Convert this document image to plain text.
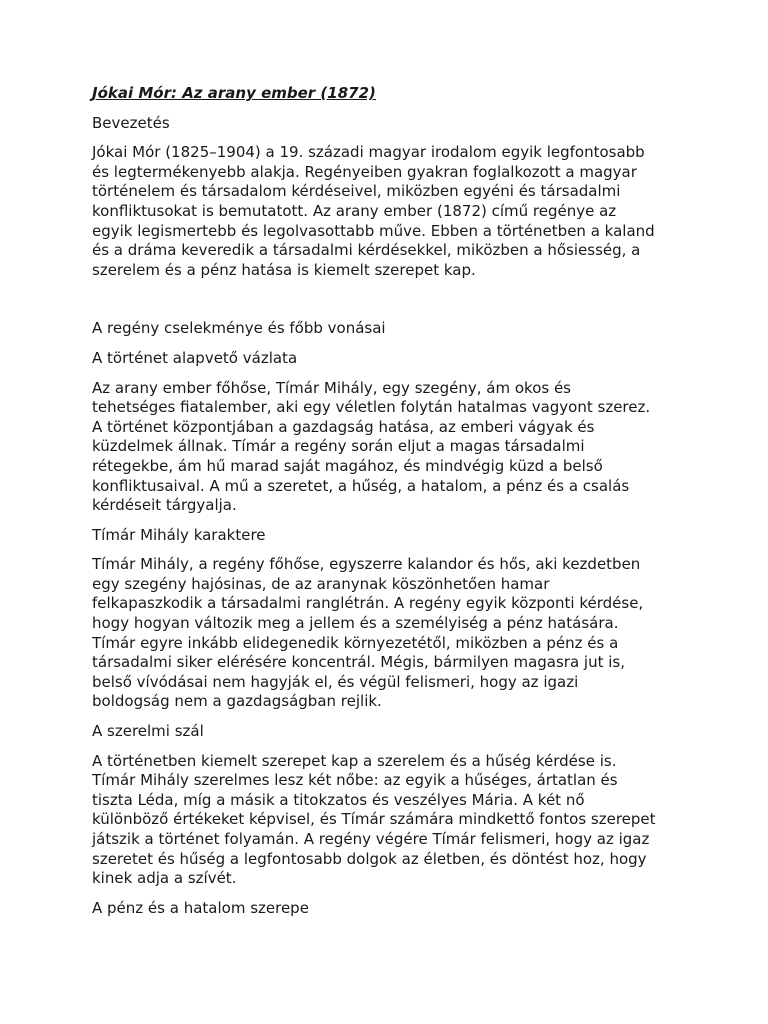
Jókai Mór: Az arany ember (1872)
Bevezetés
Jókai Mór (1825–1904) a 19. századi magyar irodalom egyik legfontosabb
és legtermékenyebb alakja. Regényeiben gyakran foglalkozott a magyar
történelem és társadalom kérdéseivel, miközben egyéni és társadalmi
konfliktusokat is bemutatott. Az arany ember (1872) című regénye az
egyik legismertebb és legolvasottabb műve. Ebben a történetben a kaland
és a dráma keveredik a társadalmi kérdésekkel, miközben a hősiesség, a
szerelem és a pénz hatása is kiemelt szerepet kap.
A regény cselekménye és főbb vonásai
A történet alapvető vázlata
Az arany ember főhőse, Tímár Mihály, egy szegény, ám okos és
tehetséges fiatalember, aki egy véletlen folytán hatalmas vagyont szerez.
A történet központjában a gazdagság hatása, az emberi vágyak és
küzdelmek állnak. Tímár a regény során eljut a magas társadalmi
rétegekbe, ám hű marad saját magához, és mindvégig küzd a belső
konfliktusaival. A mű a szeretet, a hűség, a hatalom, a pénz és a csalás
kérdéseit tárgyalja.
Tímár Mihály karaktere
Tímár Mihály, a regény főhőse, egyszerre kalandor és hős, aki kezdetben
egy szegény hajósinas, de az aranynak köszönhetően hamar
felkapaszkodik a társadalmi ranglétrán. A regény egyik központi kérdése,
hogy hogyan változik meg a jellem és a személyiség a pénz hatására.
Tímár egyre inkább elidegenedik környezetétől, miközben a pénz és a
társadalmi siker elérésére koncentrál. Mégis, bármilyen magasra jut is,
belső vívódásai nem hagyják el, és végül felismeri, hogy az igazi
boldogság nem a gazdagságban rejlik.
A szerelmi szál
A történetben kiemelt szerepet kap a szerelem és a hűség kérdése is.
Tímár Mihály szerelmes lesz két nőbe: az egyik a hűséges, ártatlan és
tiszta Léda, míg a másik a titokzatos és veszélyes Mária. A két nő
különböző értékeket képvisel, és Tímár számára mindkettő fontos szerepet
játszik a történet folyamán. A regény végére Tímár felismeri, hogy az igaz
szeretet és hűség a legfontosabb dolgok az életben, és döntést hoz, hogy
kinek adja a szívét.
A pénz és a hatalom szerepe
